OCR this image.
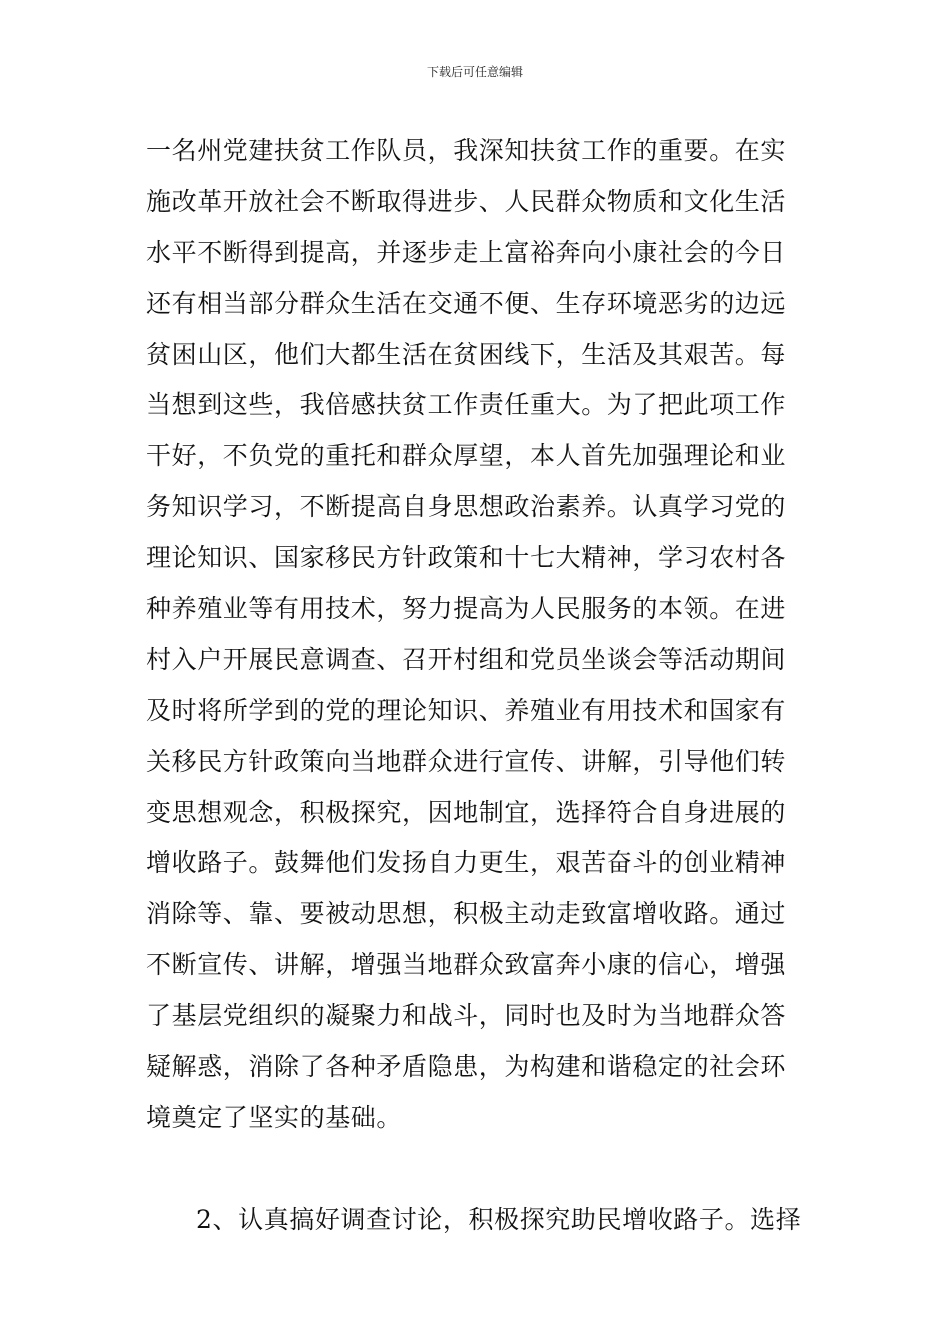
下载后可任意编辑
一名州党建扶贫工作队员，我深知扶贫工作的重要。在实
施改革开放社会不断取得进步、人民群众物质和文化生活
水平不断得到提高，并逐步走上富裕奔向小康社会的今日
还有相当部分群众生活在交通不便、生存环境恶劣的边远
贫困山区，他们大都生活在贫困线下，生活及其艰苦。每
当想到这些，我倍感扶贫工作责任重大。为了把此项工作
干好，不负党的重托和群众厚望，本人首先加强理论和业
务知识学习，不断提高自身思想政治素养。认真学习党的
理论知识、国家移民方针政策和十七大精神，学习农村各
种养殖业等有用技术，努力提高为人民服务的本领。在进
村入户开展民意调查、召开村组和党员坐谈会等活动期间
及时将所学到的党的理论知识、养殖业有用技术和国家有
关移民方针政策向当地群众进行宣传、讲解，引导他们转
变思想观念，积极探究，因地制宜，选择符合自身进展的
增收路子。鼓舞他们发扬自力更生，艰苦奋斗的创业精神
消除等、靠、要被动思想，积极主动走致富增收路。通过
不断宣传、讲解，增强当地群众致富奔小康的信心，增强
了基层党组织的凝聚力和战斗，同时也及时为当地群众答
疑解惑，消除了各种矛盾隐患，为构建和谐稳定的社会环
境奠定了坚实的基础。
2、认真搞好调查讨论，积极探究助民增收路子。选择
